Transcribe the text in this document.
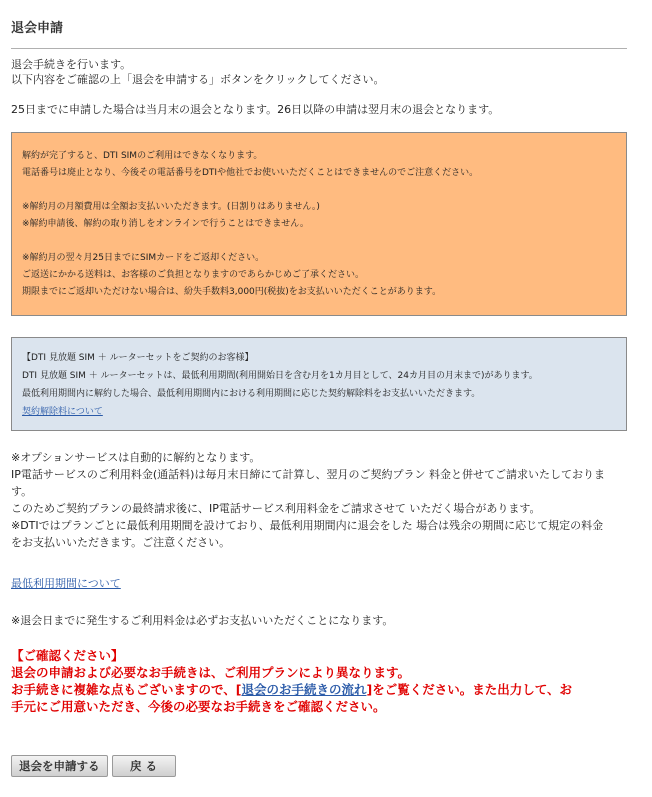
退会申請
退会手続きを行います。
以下内容をご確認の上「退会を申請する」ボタンをクリックしてください。
25日までに申請した場合は当月末の退会となります。26日以降の申請は翌月末の退会となります。

解約が完了すると、DTI SIMのご利用はできなくなります。

電話番号は廃止となり、今後その電話番号をDTIや他社でお使いいただくことはできませんのでご注意ください。

※解約月の月額費用は全額お支払いいただきます。(日割りはありません。)

※解約申請後、解約の取り消しをオンラインで行うことはできません。

※解約月の翌々月25日までにSIMカードをご返却ください。

ご返送にかかる送料は、お客様のご負担となりますのであらかじめご了承ください。

期限までにご返却いただけない場合は、紛失手数料3,000円(税抜)をお支払いいただくことがあります。

【DTI 見放題 SIM ＋ ルーターセットをご契約のお客様】

DTI 見放題 SIM ＋ ルーターセットは、最低利用期間(利用開始日を含む月を1カ月目として、24カ月目の月末まで)があります。

最低利用期間内に解約した場合、最低利用期間内における利用期間に応じた契約解除料をお支払いいただきます。

契約解除料について

※オプションサービスは自動的に解約となります。

IP電話サービスのご利用料金(通話料)は毎月末日締にて計算し、翌月のご契約プラン 料金と併せてご請求いたしておりま

す。

このためご契約プランの最終請求後に、IP電話サービス利用料金をご請求させて いただく場合があります。

※DTIではプランごとに最低利用期間を設けており、最低利用期間内に退会をした 場合は残余の期間に応じて規定の料金

をお支払いいただきます。ご注意ください。

最低利用期間について
※退会日までに発生するご利用料金は必ずお支払いいただくことになります。

【ご確認ください】

退会の申請および必要なお手続きは、ご利用プランにより異なります。

お手続きに複雑な点もございますので、[退会のお手続きの流れ]をご覧ください。また出力して、お

手元にご用意いただき、今後の必要なお手続きをご確認ください。

退会を申請する	戻 る
